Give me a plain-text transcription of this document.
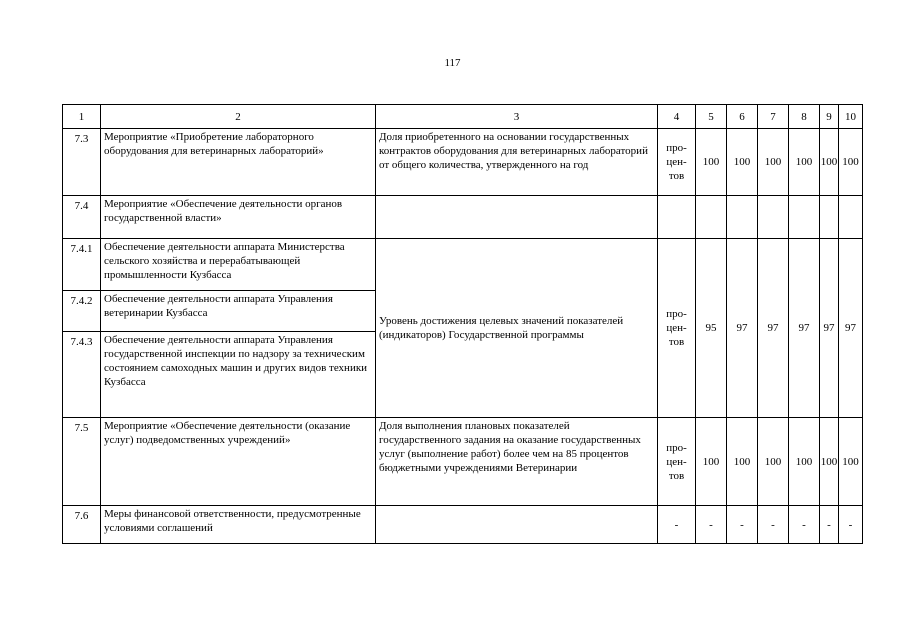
117
1	2	3	4	5	6	7	8	9	10
7.3	Мероприятие «Приобретение лабораторного оборудования для ветеринарных лабораторий»	Доля приобретенного на основании государственных контрактов оборудования для ветеринарных лабораторий от общего количества, утвержденного на год	про-
цен-
тов	100	100	100	100	100	100
7.4	Мероприятие «Обеспечение деятельности органов государственной власти»								
7.4.1	Обеспечение деятельности аппарата Министерства сельского хозяйства и перерабатывающей промышленности Кузбасса	Уровень достижения целевых значений показателей (индикаторов) Государственной программы	про-
цен-
тов	95	97	97	97	97	97
7.4.2	Обеспечение деятельности аппарата Управления ветеринарии Кузбасса								
7.4.3	Обеспечение деятельности аппарата Управления государственной инспекции по надзору за техническим состоянием самоходных машин и других видов техники Кузбасса								
7.5	Мероприятие «Обеспечение деятельности (оказание услуг) подведомственных учреждений»	Доля выполнения плановых показателей государственного задания на оказание государственных услуг (выполнение работ) более чем на 85 процентов бюджетными учреждениями Ветеринарии	про-
цен-
тов	100	100	100	100	100	100
7.6	Меры финансовой ответственности, предусмотренные условиями соглашений		-	-	-	-	-	-	-
